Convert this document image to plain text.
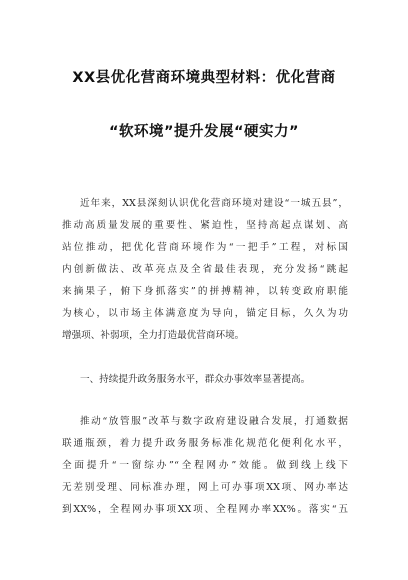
XX县优化营商环境典型材料：优化营商
“软环境”提升发展“硬实力”
近年来，XX县深刻认识优化营商环境对建设“一城五县”，
推动高质量发展的重要性、紧迫性，坚持高起点谋划、高
站位推动，把优化营商环境作为“一把手”工程，对标国
内创新做法、改革亮点及全省最佳表现，充分发扬“跳起
来摘果子，俯下身抓落实”的拼搏精神，以转变政府职能
为核心，以市场主体满意度为导向，锚定目标，久久为功
增强项、补弱项，全力打造最优营商环境。
一、持续提升政务服务水平，群众办事效率显著提高。
推动“放管服”改革与数字政府建设融合发展，打通数据
联通瓶颈，着力提升政务服务标准化规范化便利化水平，
全面提升“一窗综办”“全程网办”效能。做到线上线下
无差别受理、同标准办理，网上可办事项XX项、网办率达
到XX%，全程网办事项XX项、全程网办率XX%。落实“五
